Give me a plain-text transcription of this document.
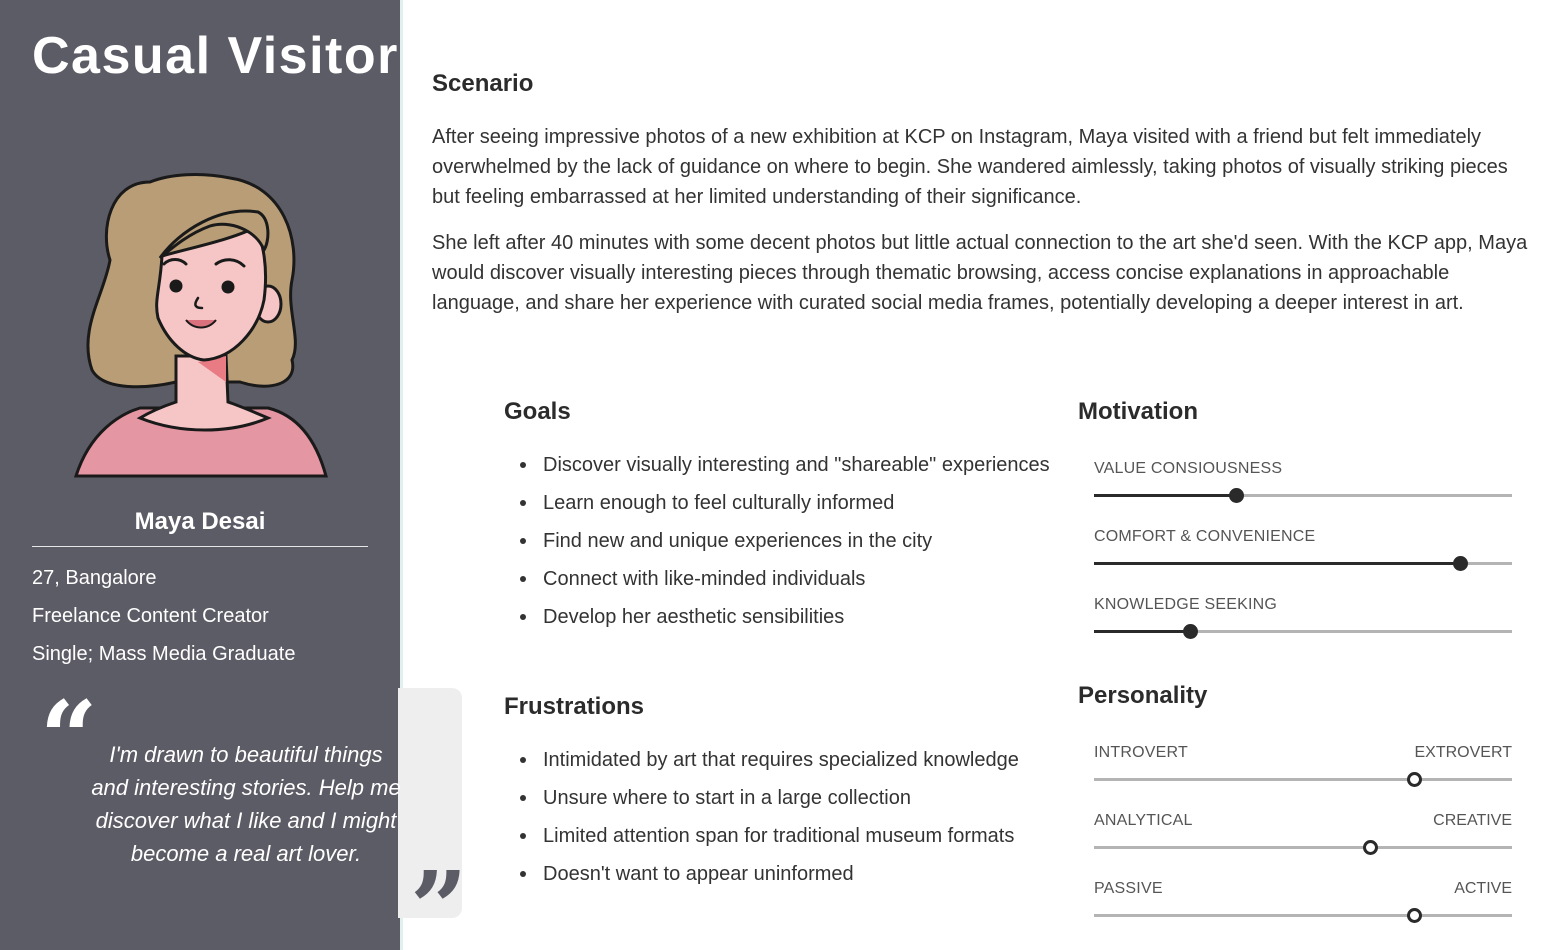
Casual Visitor
Maya Desai
27, Bangalore
Freelance Content Creator
Single; Mass Media Graduate
“ I'm drawn to beautiful things and interesting stories. Help me discover what I like and I might become a real art lover. ”
Scenario

After seeing impressive photos of a new exhibition at KCP on Instagram, Maya visited with a friend but felt immediately overwhelmed by the lack of guidance on where to begin. She wandered aimlessly, taking photos of visually striking pieces but feeling embarrassed at her limited understanding of their significance.

She left after 40 minutes with some decent photos but little actual connection to the art she'd seen. With the KCP app, Maya would discover visually interesting pieces through thematic browsing, access concise explanations in approachable language, and share her experience with curated social media frames, potentially developing a deeper interest in art.

Goals
Discover visually interesting and "shareable" experiences
Learn enough to feel culturally informed
Find new and unique experiences in the city
Connect with like-minded individuals
Develop her aesthetic sensibilities
Frustrations
Intimidated by art that requires specialized knowledge
Unsure where to start in a large collection
Limited attention span for traditional museum formats
Doesn't want to appear uninformed
Motivation
VALUE CONSIOUSNESS
COMFORT & CONVENIENCE
KNOWLEDGE SEEKING
Personality
INTROVERT	EXTROVERT
ANALYTICAL	CREATIVE
PASSIVE	ACTIVE
